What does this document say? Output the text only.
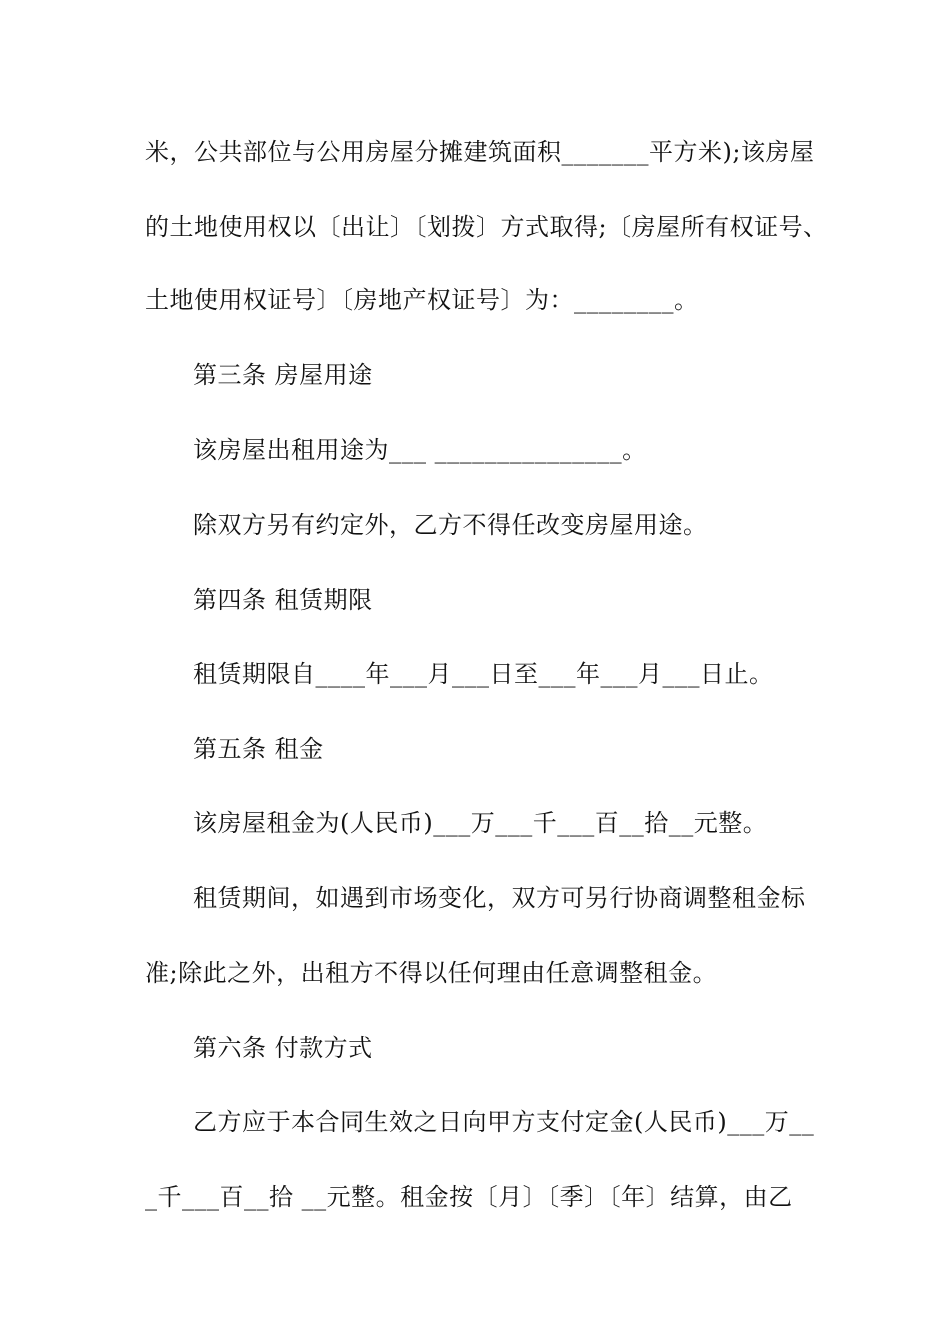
米，公共部位与公用房屋分摊建筑面积_______平方米);该房屋
的土地使用权以〔出让〕〔划拨〕方式取得;〔房屋所有权证号、
土地使用权证号〕〔房地产权证号〕为：________。
第三条 房屋用途
该房屋出租用途为___ _______________。
除双方另有约定外，乙方不得任改变房屋用途。
第四条 租赁期限
租赁期限自____年___月___日至___年___月___日止。
第五条 租金
该房屋租金为(人民币)___万___千___百__拾__元整。
租赁期间，如遇到市场变化，双方可另行协商调整租金标
准;除此之外，出租方不得以任何理由任意调整租金。
第六条 付款方式
乙方应于本合同生效之日向甲方支付定金(人民币)___万__
_千___百__拾 __元整。租金按〔月〕〔季〕〔年〕结算，由乙
